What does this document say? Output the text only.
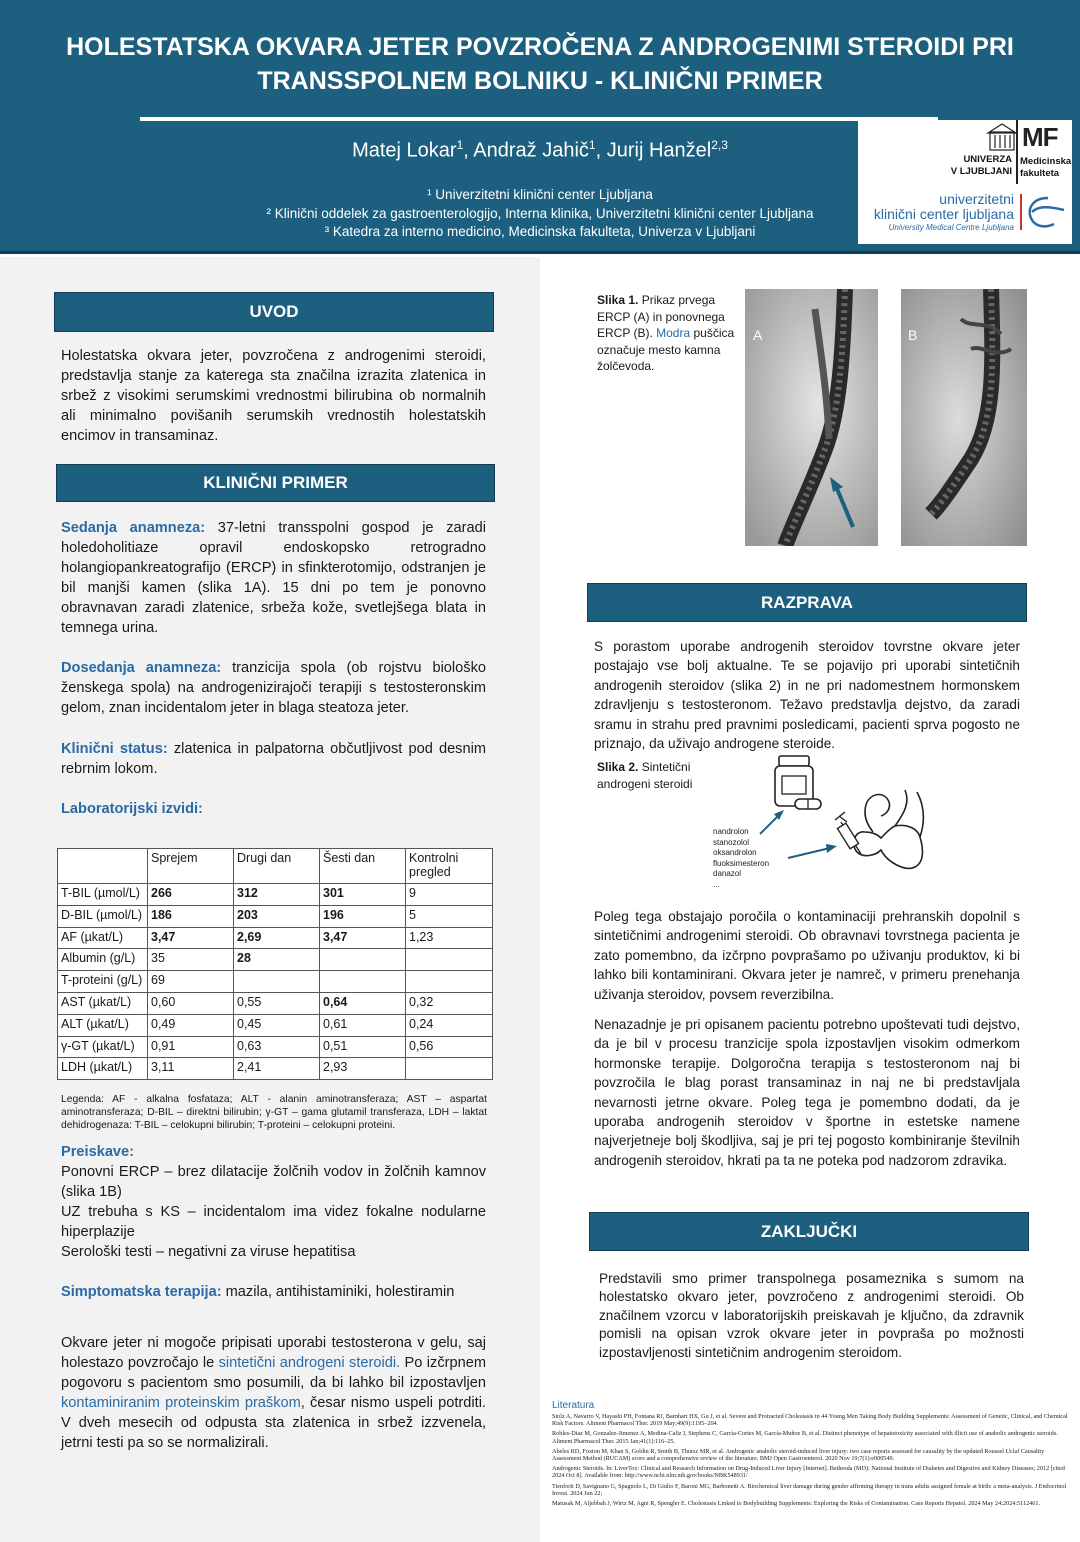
HOLESTATSKA OKVARA JETER POVZROČENA Z ANDROGENIMI STEROIDI PRI
TRANSSPOLNEM BOLNIKU - KLINIČNI PRIMER
Matej Lokar$^1$, Andraž Jahič$^1$, Jurij Hanžel$^{2,3}$
¹ Univerzitetni klinični center Ljubljana
² Klinični oddelek za gastroenterologijo, Interna klinika, Univerzitetni klinični center Ljubljana
³ Katedra za interno medicino, Medicinska fakulteta, Univerza v Ljubljani
UNIVERZA
V LJUBLJANI
MF
Medicinska
fakulteta
univerzitetni
klinični center ljubljana
University Medical Centre Ljubljana
UVOD
Holestatska okvara jeter, povzročena z androgenimi steroidi, predstavlja stanje za katerega sta značilna izrazita zlatenica in srbež z visokimi serumskimi vrednostmi bilirubina ob normalnih ali minimalno povišanih serumskih vrednostih holestatskih encimov in transaminaz.
KLINIČNI PRIMER
Sedanja anamneza: 37-letni transspolni gospod je zaradi holedoholitiaze opravil endoskopsko retrogradno holangiopankreatografijo (ERCP) in sfinkterotomijo, odstranjen je bil manjši kamen (slika 1A). 15 dni po tem je ponovno obravnavan zaradi zlatenice, srbeža kože, svetlejšega blata in temnega urina.
Dosedanja anamneza: tranzicija spola (ob rojstvu biološko ženskega spola) na androgenizirajoči terapiji s testosteronskim gelom, znan incidentalom jeter in blaga steatoza jeter.
Klinični status: zlatenica in palpatorna občutljivost pod desnim rebrnim lokom.
Laboratorijski izvidi:
	Sprejem	Drugi dan	Šesti dan	Kontrolni pregled
T-BIL (µmol/L)	266	312	301	9
D-BIL (µmol/L)	186	203	196	5
AF (µkat/L)	3,47	2,69	3,47	1,23
Albumin (g/L)	35	28		
T-proteini (g/L)	69			
AST (µkat/L)	0,60	0,55	0,64	0,32
ALT (µkat/L)	0,49	0,45	0,61	0,24
γ-GT (µkat/L)	0,91	0,63	0,51	0,56
LDH (µkat/L)	3,11	2,41	2,93	
Legenda: AF - alkalna fosfataza; ALT - alanin aminotransferaza; AST – aspartat aminotransferaza; D-BIL – direktni bilirubin; γ-GT – gama glutamil transferaza, LDH – laktat dehidrogenaza: T-BIL – celokupni bilirubin; T-proteini – celokupni proteini.
Preiskave:
Ponovni ERCP – brez dilatacije žolčnih vodov in žolčnih kamnov (slika 1B)
UZ trebuha s KS – incidentalom ima videz fokalne nodularne hiperplazije
Serološki testi – negativni za viruse hepatitisa
Simptomatska terapija: mazila, antihistaminiki, holestiramin
Okvare jeter ni mogoče pripisati uporabi testosterona v gelu, saj holestazo povzročajo le sintetični androgeni steroidi. Po izčrpnem pogovoru s pacientom smo posumili, da bi lahko bil izpostavljen kontaminiranim proteinskim praškom, česar nismo uspeli potrditi. V dveh mesecih od odpusta sta zlatenica in srbež izzvenela, jetrni testi pa so se normalizirali.
Slika 1. Prikaz prvega ERCP (A) in ponovnega ERCP (B). Modra puščica označuje mesto kamna žolčevoda.
A	B
RAZPRAVA
S porastom uporabe androgenih steroidov tovrstne okvare jeter postajajo vse bolj aktualne. Te se pojavijo pri uporabi sintetičnih androgenih steroidov (slika 2) in ne pri nadomestnem hormonskem zdravljenju s testosteronom. Težavo predstavlja dejstvo, da zaradi sramu in strahu pred pravnimi posledicami, pacienti sprva pogosto ne priznajo, da uživajo androgene steroide.
Slika 2. Sintetični androgeni steroidi
nandrolon
stanozolol
oksandrolon
fluoksimesteron
danazol
...
Poleg tega obstajajo poročila o kontaminaciji prehranskih dopolnil s sintetičnimi androgenimi steroidi. Ob obravnavi tovrstnega pacienta je zato pomembno, da izčrpno povprašamo po uživanju produktov, ki bi lahko bili kontaminirani. Okvara jeter je namreč, v primeru prenehanja uživanja steroidov, povsem reverzibilna.
Nenazadnje je pri opisanem pacientu potrebno upoštevati tudi dejstvo, da je bil v procesu tranzicije spola izpostavljen visokim odmerkom hormonske terapije. Dolgoročna terapija s testosteronom naj bi povzročila le blag porast transaminaz in naj ne bi predstavljala nevarnosti jetrne okvare. Poleg tega je pomembno dodati, da je uporaba androgenih steroidov v športne in estetske namene najverjetneje bolj škodljiva, saj je pri tej pogosto kombiniranje številnih androgenih steroidov, hkrati pa ta ne poteka pod nadzorom zdravika.
ZAKLJUČKI
Predstavili smo primer transpolnega posameznika s sumom na holestatsko okvaro jeter, povzročeno z androgenimi steroidi. Ob značilnem vzorcu v laboratorijskih preiskavah je ključno, da zdravnik pomisli na opisan vzrok okvare jeter in povpraša po možnosti izpostavljenosti sintetičnim androgenim steroidom.
Literatura
Stolz A, Navarro V, Hayashi PH, Fontana RJ, Barnhart HX, Gu J, et al. Severe and Protracted Cholestasis in 44 Young Men Taking Body Building Supplements: Assessment of Genetic, Clinical, and Chemical Risk Factors. Aliment Pharmacol Ther. 2019 May;49(9):1195–204.
Robles-Diaz M, Gonzalez-Jimenez A, Medina-Caliz I, Stephens C, García-Cortes M, García-Muñoz B, et al. Distinct phenotype of hepatotoxicity associated with illicit use of anabolic androgenic steroids. Aliment Pharmacol Ther. 2015 Jan;41(1):116–25.
Abeles RD, Foxton M, Khan S, Goldin R, Smith B, Thursz MR, et al. Androgenic anabolic steroid-induced liver injury: two case reports assessed for causality by the updated Roussel Uclaf Causality Assessment Method (RUCAM) score and a comprehensive review of the literature. BMJ Open Gastroenterol. 2020 Nov 19;7(1):e000549.
Androgenic Steroids. In: LiverTox: Clinical and Research Information on Drug-Induced Liver Injury [Internet]. Bethesda (MD): National Institute of Diabetes and Digestive and Kidney Diseases; 2012 [cited 2024 Oct 8]. Available from: http://www.ncbi.nlm.nih.gov/books/NBK548931/
Tienforti D, Savignano G, Spagnolo L, Di Giulio F, Baroni MG, Barbonetti A. Biochemical liver damage during gender affirming therapy in trans adults assigned female at birth: a meta-analysis. J Endocrinol Invest. 2024 Jun 22;
Matusak M, Aljebbah J, Wirtz M, Agni R, Spengler E. Cholestasis Linked to Bodybuilding Supplements: Exploring the Risks of Contamination. Case Reports Hepatol. 2024 May 24;2024:5112461.
